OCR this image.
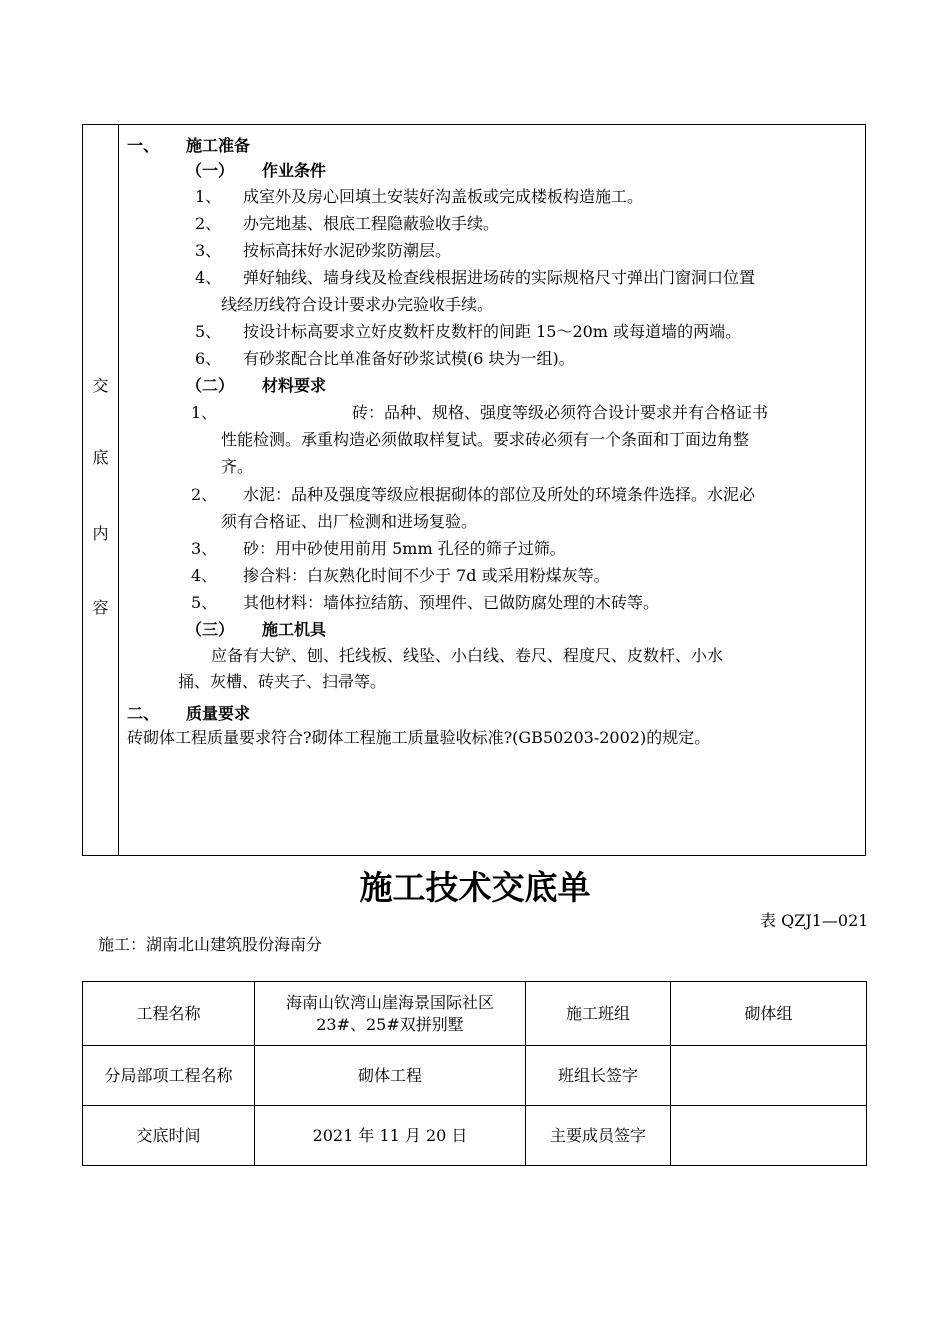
交
底
内
容
一、 施工准备
（一） 作业条件
1、 成室外及房心回填土安装好沟盖板或完成楼板构造施工。
2、 办完地基、根底工程隐蔽验收手续。
3、 按标高抹好水泥砂浆防潮层。
4、 弹好轴线、墙身线及检查线根据进场砖的实际规格尺寸弹出门窗洞口位置
线经历线符合设计要求办完验收手续。
5、 按设计标高要求立好皮数杆皮数杆的间距 15～20m 或每道墙的两端。
6、 有砂浆配合比单准备好砂浆试模(6 块为一组)。
（二） 材料要求
1、	砖：品种、规格、强度等级必须符合设计要求并有合格证书
性能检测。承重构造必须做取样复试。要求砖必须有一个条面和丁面边角整
齐。
2、 水泥：品种及强度等级应根据砌体的部位及所处的环境条件选择。水泥必
须有合格证、出厂检测和进场复验。
3、 砂：用中砂使用前用 5mm 孔径的筛子过筛。
4、 掺合料：白灰熟化时间不少于 7d 或采用粉煤灰等。
5、 其他材料：墙体拉结筋、预埋件、已做防腐处理的木砖等。
（三） 施工机具
应备有大铲、刨、托线板、线坠、小白线、卷尺、程度尺、皮数杆、小水
捅、灰槽、砖夹子、扫帚等。
二、 质量要求
砖砌体工程质量要求符合?砌体工程施工质量验收标准?(GB50203-2002)的规定。
施工技术交底单
表 QZJ1—021
施工：湖南北山建筑股份海南分
工程名称	海南山钦湾山崖海景国际社区
23#、25#双拼别墅	施工班组	砌体组
分局部项工程名称	砌体工程	班组长签字	
交底时间	2021 年 11 月 20 日	主要成员签字	
